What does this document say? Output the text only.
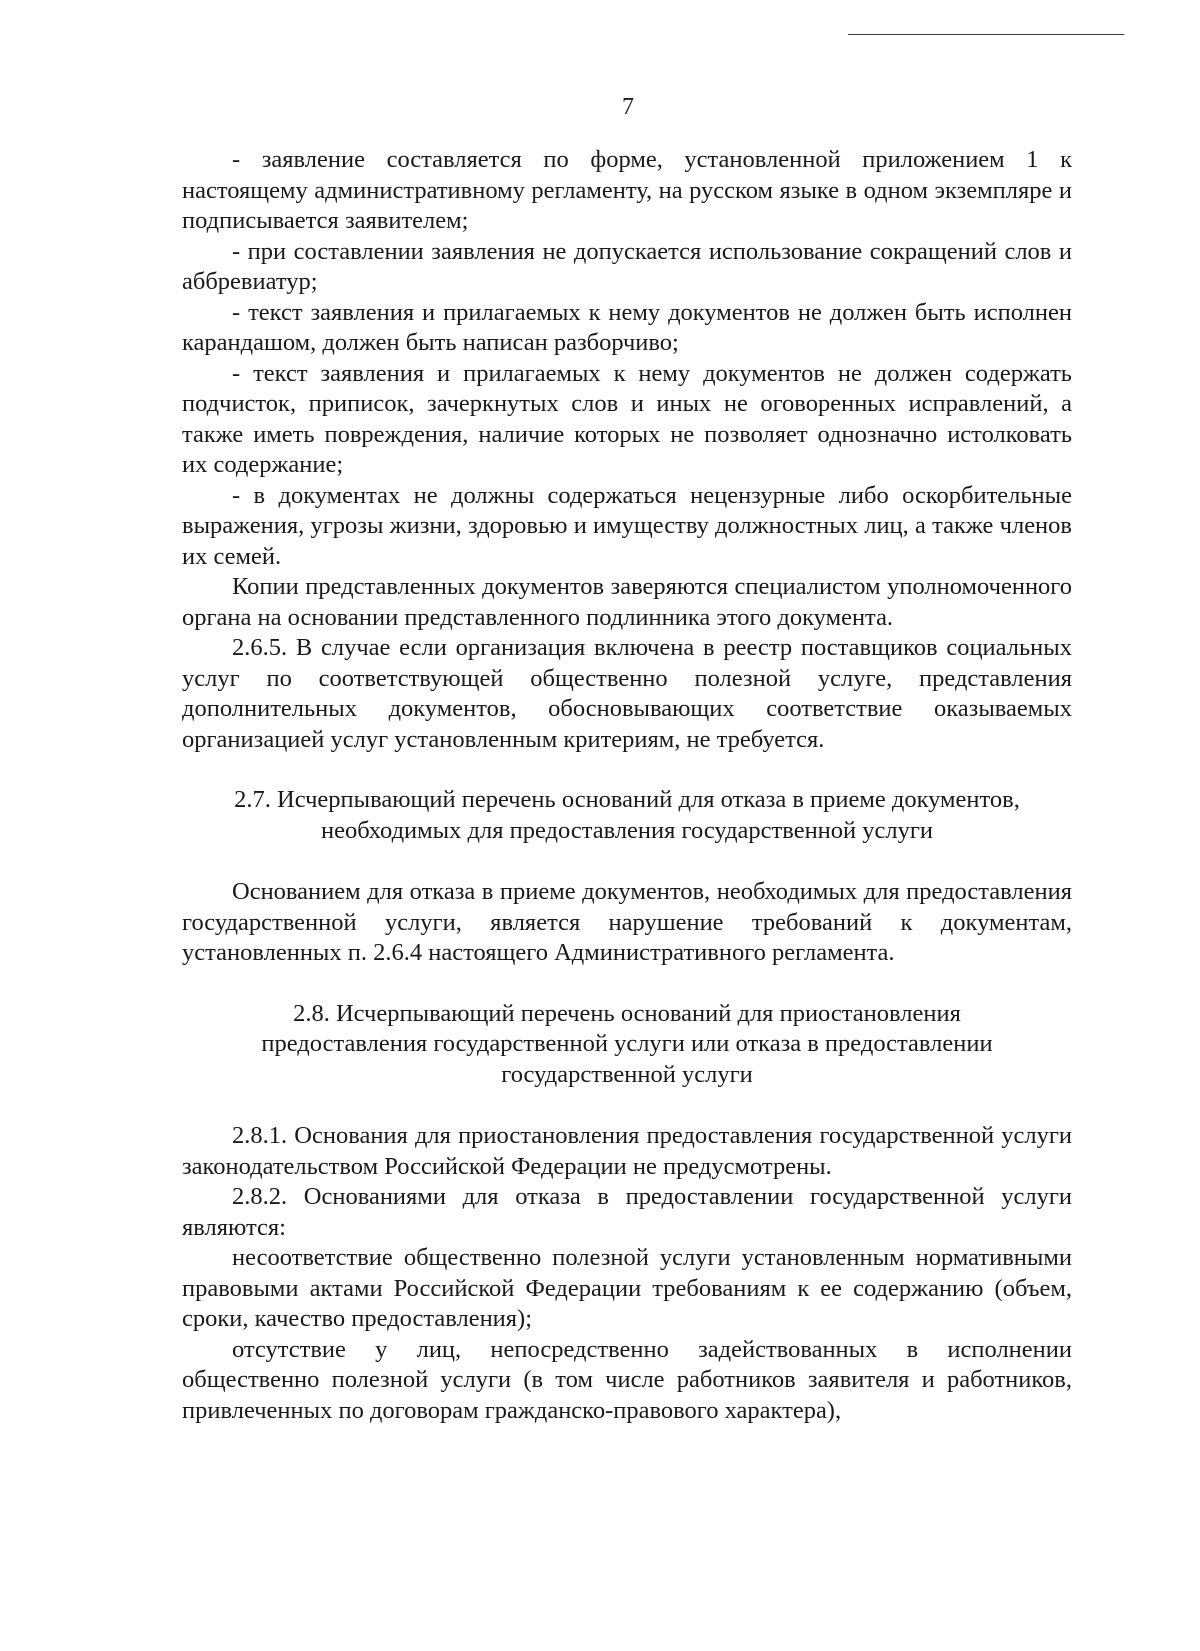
7

- заявление составляется по форме, установленной приложением 1 к настоящему административному регламенту, на русском языке в одном экземпляре и подписывается заявителем;

- при составлении заявления не допускается использование сокращений слов и аббревиатур;

- текст заявления и прилагаемых к нему документов не должен быть исполнен карандашом, должен быть написан разборчиво;

- текст заявления и прилагаемых к нему документов не должен содержать подчисток, приписок, зачеркнутых слов и иных не оговоренных исправлений, а также иметь повреждения, наличие которых не позволяет однозначно истолковать их содержание;

- в документах не должны содержаться нецензурные либо оскорбительные выражения, угрозы жизни, здоровью и имуществу должностных лиц, а также членов их семей.

Копии представленных документов заверяются специалистом уполномоченного органа на основании представленного подлинника этого документа.

2.6.5. В случае если организация включена в реестр поставщиков социальных услуг по соответствующей общественно полезной услуге, представления дополнительных документов, обосновывающих соответствие оказываемых организацией услуг установленным критериям, не требуется.

2.7. Исчерпывающий перечень оснований для отказа в приеме документов, необходимых для предоставления государственной услуги

Основанием для отказа в приеме документов, необходимых для предоставления государственной услуги, является нарушение требований к документам, установленных п. 2.6.4 настоящего Административного регламента.

2.8. Исчерпывающий перечень оснований для приостановления предоставления государственной услуги или отказа в предоставлении государственной услуги

2.8.1. Основания для приостановления предоставления государственной услуги законодательством Российской Федерации не предусмотрены.

2.8.2. Основаниями для отказа в предоставлении государственной услуги являются:

несоответствие общественно полезной услуги установленным нормативными правовыми актами Российской Федерации требованиям к ее содержанию (объем, сроки, качество предоставления);

отсутствие у лиц, непосредственно задействованных в исполнении общественно полезной услуги (в том числе работников заявителя и работников, привлеченных по договорам гражданско-правового характера),
